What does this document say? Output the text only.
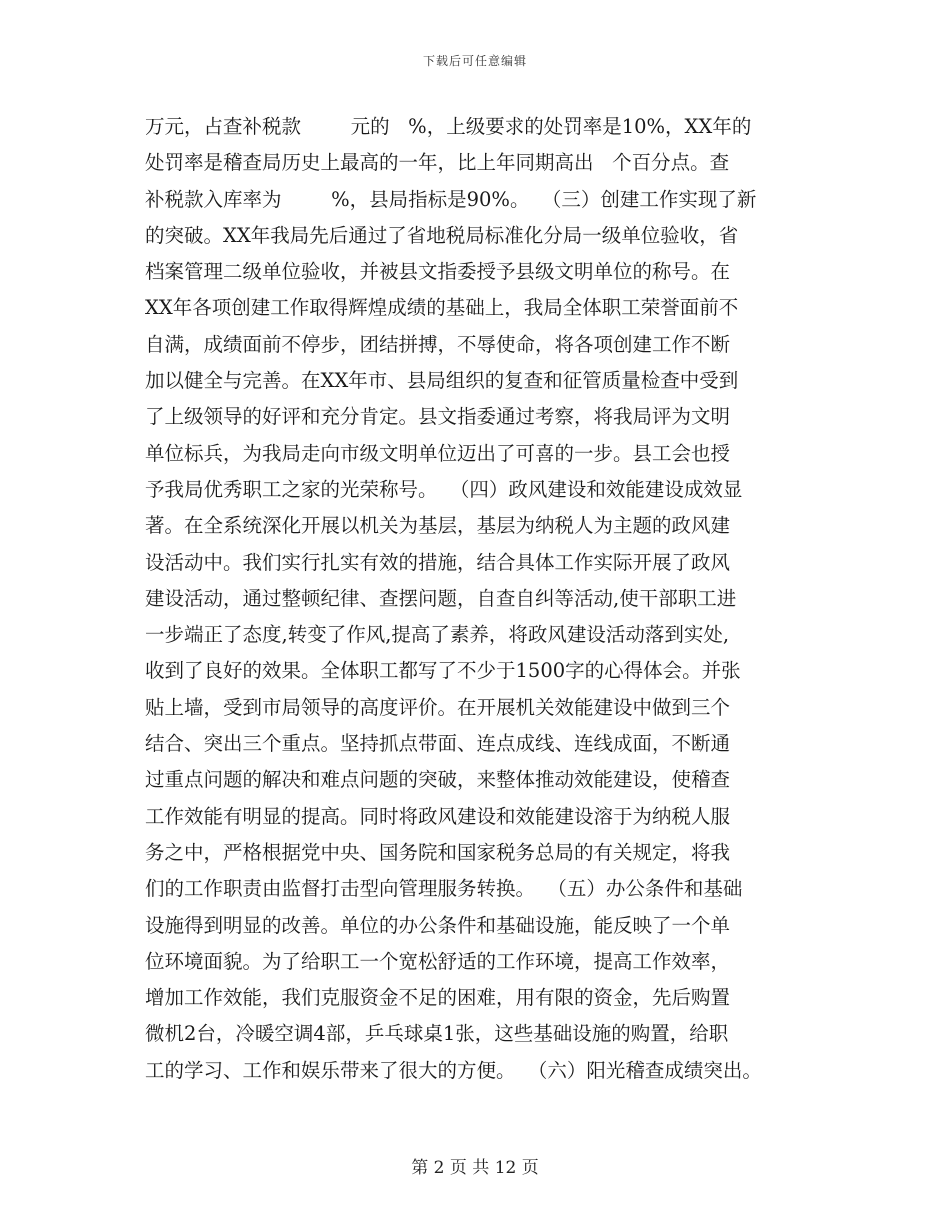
下载后可任意编辑
万元，占查补税款        元的   %，上级要求的处罚率是10%，XX年的
处罚率是稽查局历史上最高的一年，比上年同期高出   个百分点。查
补税款入库率为        %，县局指标是90%。  （三）创建工作实现了新
的突破。XX年我局先后通过了省地税局标准化分局一级单位验收，省
档案管理二级单位验收，并被县文指委授予县级文明单位的称号。在
XX年各项创建工作取得辉煌成绩的基础上，我局全体职工荣誉面前不
自满，成绩面前不停步，团结拼搏，不辱使命，将各项创建工作不断
加以健全与完善。在XX年市、县局组织的复查和征管质量检查中受到
了上级领导的好评和充分肯定。县文指委通过考察，将我局评为文明
单位标兵，为我局走向市级文明单位迈出了可喜的一步。县工会也授
予我局优秀职工之家的光荣称号。  （四）政风建设和效能建设成效显
著。在全系统深化开展以机关为基层，基层为纳税人为主题的政风建
设活动中。我们实行扎实有效的措施，结合具体工作实际开展了政风
建设活动，通过整顿纪律、查摆问题，自查自纠等活动,使干部职工进
一步端正了态度,转变了作风,提高了素养，将政风建设活动落到实处,
收到了良好的效果。全体职工都写了不少于1500字的心得体会。并张
贴上墙，受到市局领导的高度评价。在开展机关效能建设中做到三个
结合、突出三个重点。坚持抓点带面、连点成线、连线成面，不断通
过重点问题的解决和难点问题的突破，来整体推动效能建设，使稽查
工作效能有明显的提高。同时将政风建设和效能建设溶于为纳税人服
务之中，严格根据党中央、国务院和国家税务总局的有关规定，将我
们的工作职责由监督打击型向管理服务转换。  （五）办公条件和基础
设施得到明显的改善。单位的办公条件和基础设施，能反映了一个单
位环境面貌。为了给职工一个宽松舒适的工作环境，提高工作效率，
增加工作效能，我们克服资金不足的困难，用有限的资金，先后购置
微机2台，冷暖空调4部，乒乓球桌1张，这些基础设施的购置，给职
工的学习、工作和娱乐带来了很大的方便。  （六）阳光稽查成绩突出。
第 2 页 共 12 页
